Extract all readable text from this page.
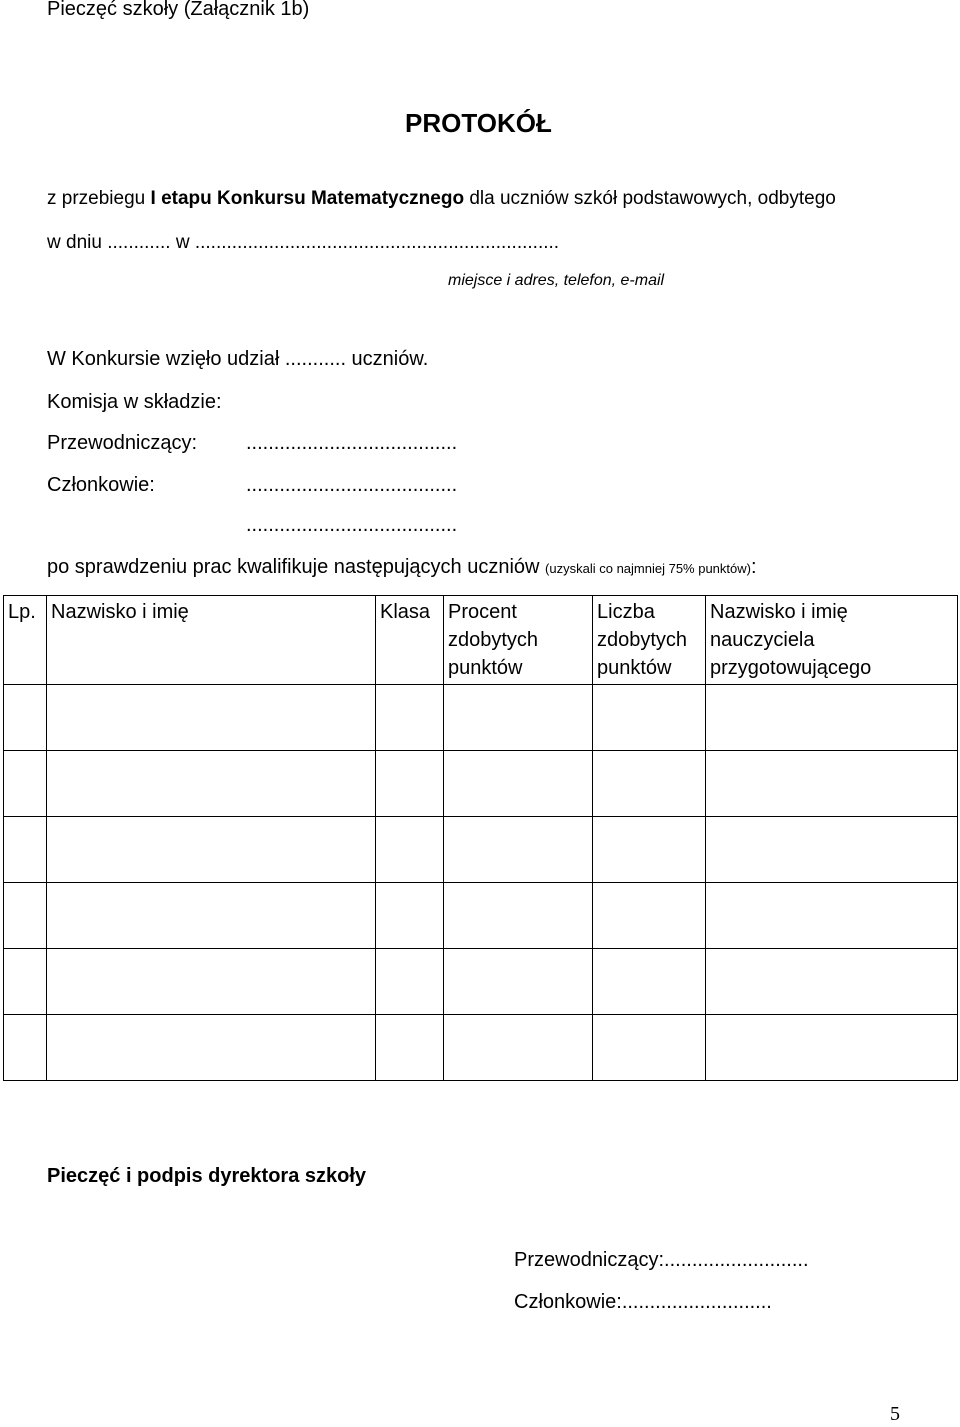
Pieczęć szkoły (Załącznik 1b)
PROTOKÓŁ
z przebiegu I etapu Konkursu Matematycznego dla uczniów szkół podstawowych, odbytego
w dniu ............ w .....................................................................
miejsce i adres, telefon, e-mail
W Konkursie wzięło udział ........... uczniów.
Komisja w składzie:
Przewodniczący: ......................................
Członkowie:	......................................
......................................
po sprawdzeniu prac kwalifikuje następujących uczniów (uzyskali co najmniej 75% punktów):
Lp.	Nazwisko i imię	Klasa	Procent zdobytych punktów	Liczba zdobytych punktów	Nazwisko i imię nauczyciela przygotowującego

Pieczęć i podpis dyrektora szkoły
Przewodniczący:..........................
Członkowie:...........................
5
